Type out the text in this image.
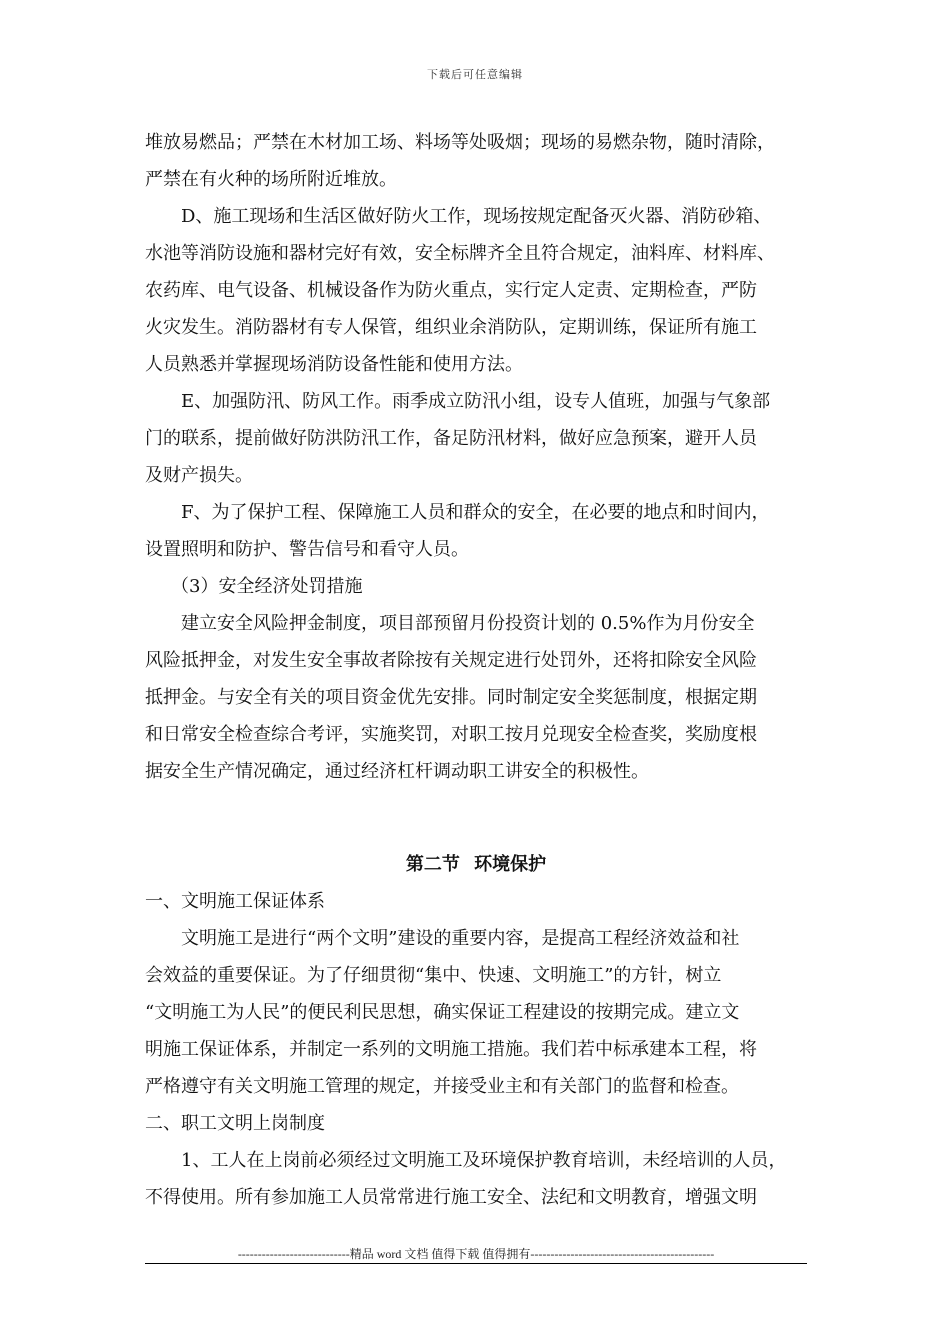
下载后可任意编辑
堆放易燃品；严禁在木材加工场、料场等处吸烟；现场的易燃杂物，随时清除，
严禁在有火种的场所附近堆放。
D、施工现场和生活区做好防火工作，现场按规定配备灭火器、消防砂箱、
水池等消防设施和器材完好有效，安全标牌齐全且符合规定，油料库、材料库、
农药库、电气设备、机械设备作为防火重点，实行定人定责、定期检查，严防
火灾发生。消防器材有专人保管，组织业余消防队，定期训练，保证所有施工
人员熟悉并掌握现场消防设备性能和使用方法。
E、加强防汛、防风工作。雨季成立防汛小组，设专人值班，加强与气象部
门的联系，提前做好防洪防汛工作，备足防汛材料，做好应急预案，避开人员
及财产损失。
F、为了保护工程、保障施工人员和群众的安全，在必要的地点和时间内，
设置照明和防护、警告信号和看守人员。
（3）安全经济处罚措施
建立安全风险押金制度，项目部预留月份投资计划的 0.5%作为月份安全
风险抵押金，对发生安全事故者除按有关规定进行处罚外，还将扣除安全风险
抵押金。与安全有关的项目资金优先安排。同时制定安全奖惩制度，根据定期
和日常安全检查综合考评，实施奖罚，对职工按月兑现安全检查奖，奖励度根
据安全生产情况确定，通过经济杠杆调动职工讲安全的积极性。
第二节 环境保护
一、文明施工保证体系
文明施工是进行“两个文明”建设的重要内容，是提高工程经济效益和社
会效益的重要保证。为了仔细贯彻“集中、快速、文明施工”的方针，树立
“文明施工为人民”的便民利民思想，确实保证工程建设的按期完成。建立文
明施工保证体系，并制定一系列的文明施工措施。我们若中标承建本工程，将
严格遵守有关文明施工管理的规定，并接受业主和有关部门的监督和检查。
二、职工文明上岗制度
1、工人在上岗前必须经过文明施工及环境保护教育培训，未经培训的人员，
不得使用。所有参加施工人员常常进行施工安全、法纪和文明教育，增强文明
----------------------------精品 word 文档 值得下载 值得拥有----------------------------------------------
